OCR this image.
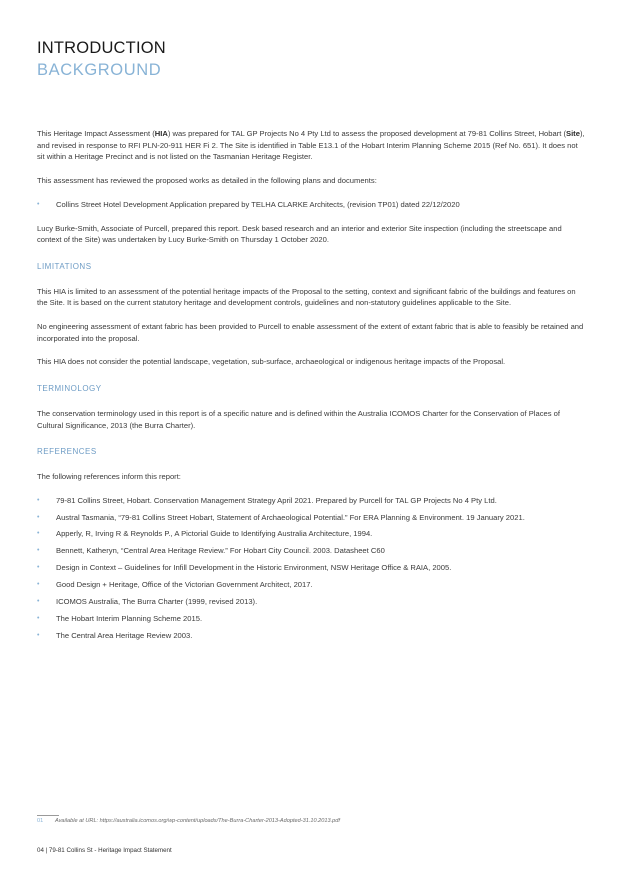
INTRODUCTION
BACKGROUND

This Heritage Impact Assessment (HIA) was prepared for TAL GP Projects No 4 Pty Ltd to assess the proposed development at 79-81 Collins Street, Hobart (Site), and revised in response to RFI PLN-20-911 HER Fi 2. The Site is identified in Table E13.1 of the Hobart Interim Planning Scheme 2015 (Ref No. 651). It does not sit within a Heritage Precinct and is not listed on the Tasmanian Heritage Register.

This assessment has reviewed the proposed works as detailed in the following plans and documents:

• Collins Street Hotel Development Application prepared by TELHA CLARKE Architects, (revision TP01) dated 22/12/2020

Lucy Burke-Smith, Associate of Purcell, prepared this report. Desk based research and an interior and exterior Site inspection (including the streetscape and context of the Site) was undertaken by Lucy Burke-Smith on Thursday 1 October 2020.

LIMITATIONS

This HIA is limited to an assessment of the potential heritage impacts of the Proposal to the setting, context and significant fabric of the buildings and features on the Site. It is based on the current statutory heritage and development controls, guidelines and non-statutory guidelines applicable to the Site.

No engineering assessment of extant fabric has been provided to Purcell to enable assessment of the extent of extant fabric that is able to feasibly be retained and incorporated into the proposal.

This HIA does not consider the potential landscape, vegetation, sub-surface, archaeological or indigenous heritage impacts of the Proposal.

TERMINOLOGY

The conservation terminology used in this report is of a specific nature and is defined within the Australia ICOMOS Charter for the Conservation of Places of Cultural Significance, 2013 (the Burra Charter).

REFERENCES

The following references inform this report:

• 79-81 Collins Street, Hobart. Conservation Management Strategy April 2021. Prepared by Purcell for TAL GP Projects No 4 Pty Ltd.
• Austral Tasmania, “79-81 Collins Street Hobart, Statement of Archaeological Potential.” For ERA Planning & Environment. 19 January 2021.
• Apperly, R, Irving R & Reynolds P., A Pictorial Guide to Identifying Australia Architecture, 1994.
• Bennett, Katheryn, “Central Area Heritage Review.” For Hobart City Council. 2003. Datasheet C60
• Design in Context – Guidelines for Infill Development in the Historic Environment, NSW Heritage Office & RAIA, 2005.
• Good Design + Heritage, Office of the Victorian Government Architect, 2017.
• ICOMOS Australia, The Burra Charter (1999, revised 2013).
• The Hobart Interim Planning Scheme 2015.
• The Central Area Heritage Review 2003.
01 Available at URL: https://australia.icomos.org/wp-content/uploads/The-Burra-Charter-2013-Adopted-31.10.2013.pdf
04 | 79-81 Collins St - Heritage Impact Statement
